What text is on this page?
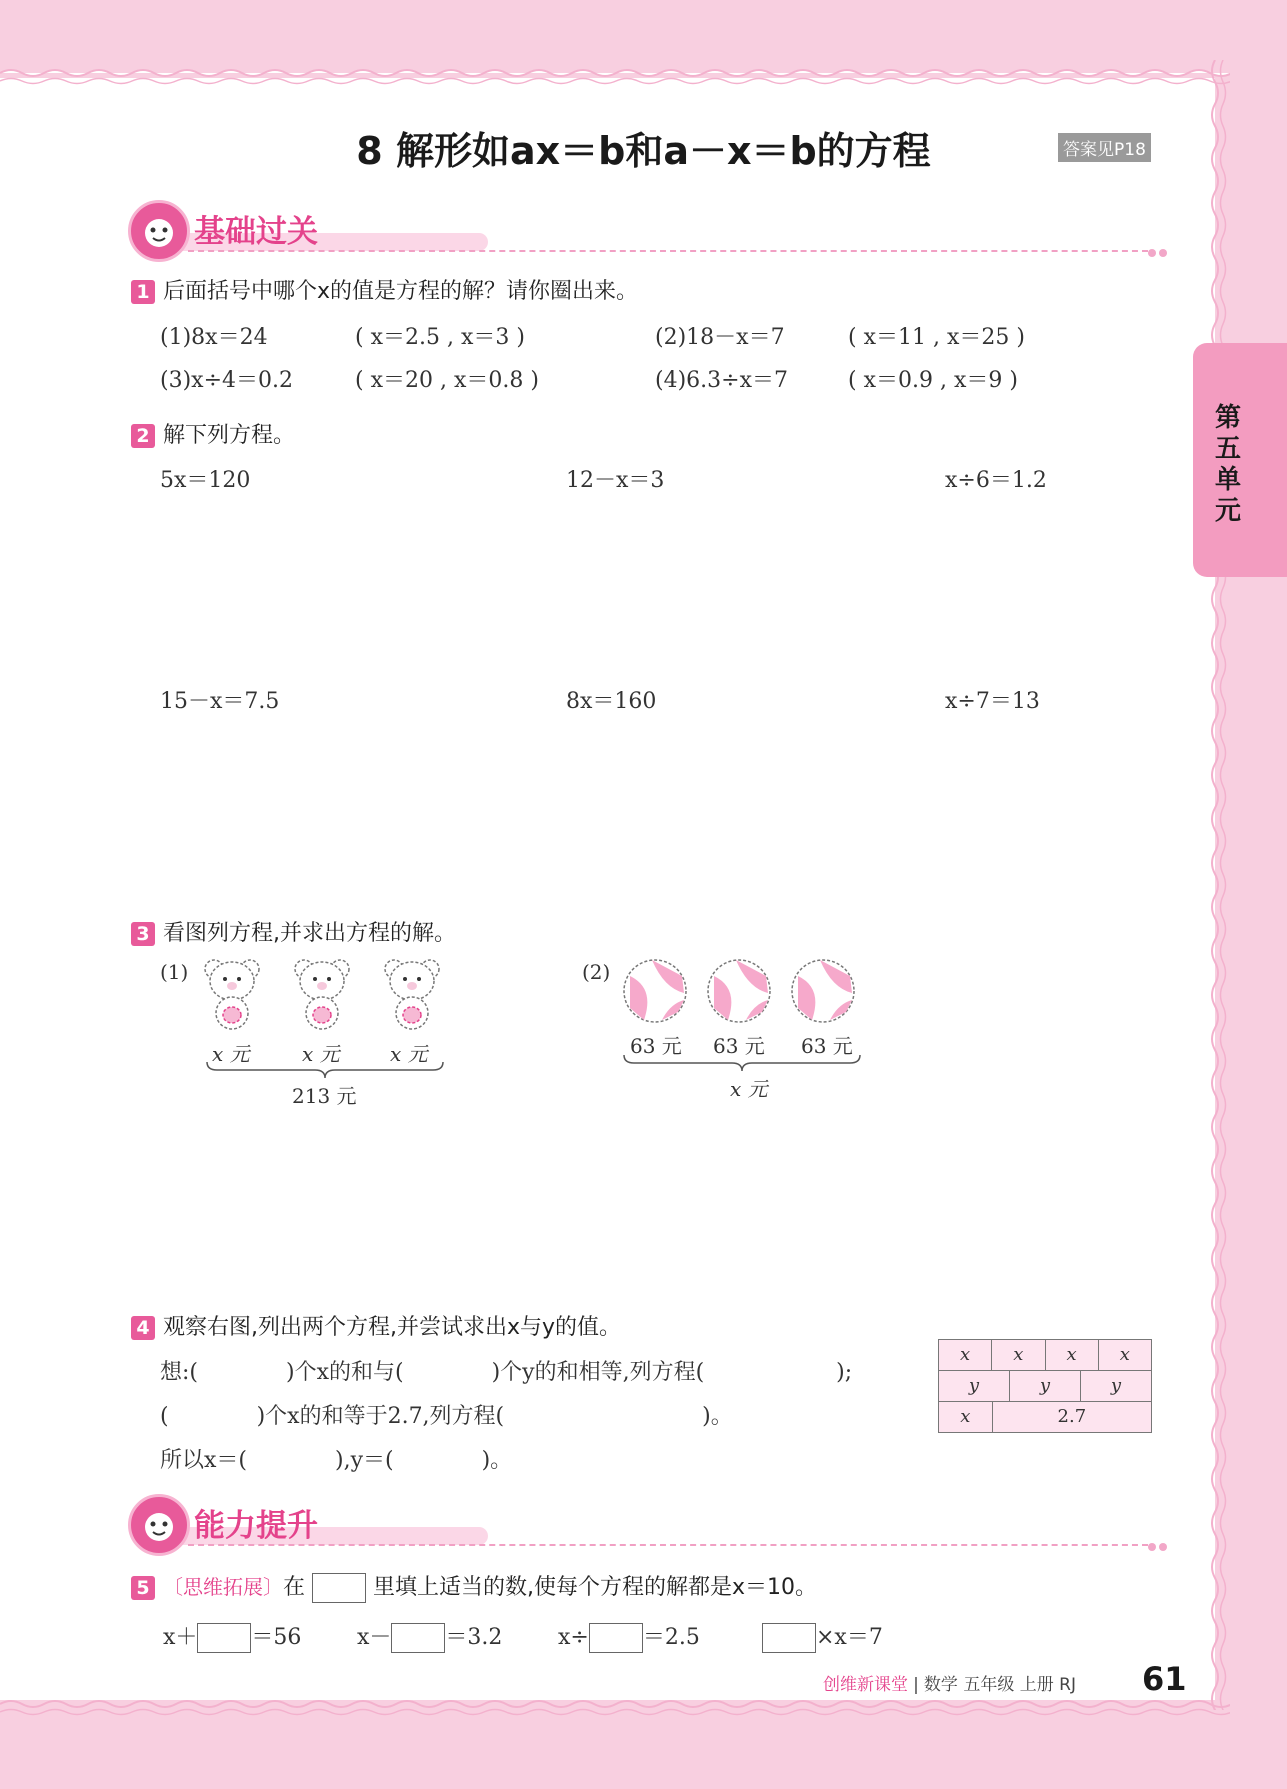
第五单元
8 解形如ax＝b和a－x＝b的方程	答案见P18
基础过关
1 后面括号中哪个x的值是方程的解？请你圈出来。
(1)8x＝24	( x＝2.5 , x＝3 )	(2)18－x＝7	( x＝11 , x＝25 )
(3)x÷4＝0.2	( x＝20 , x＝0.8 )	(4)6.3÷x＝7	( x＝0.9 , x＝9 )
2 解下列方程。
5x＝120	12－x＝3	x÷6＝1.2
15－x＝7.5	8x＝160	x÷7＝13
3 看图列方程,并求出方程的解。
(1)
x 元	x 元	x 元
213 元
(2)
63 元 63 元 63 元
x 元
4 观察右图,列出两个方程,并尝试求出x与y的值。
想:(　　　　)个x的和与(　　　　)个y的和相等,列方程(　　　　　　);
(　　　　)个x的和等于2.7,列方程(　　　　　　　　　)。
所以x＝(　　　　),y＝(　　　　)。
x	x	x	x
y	y	y
x	2.7
能力提升
5 〔思维拓展〕在	里填上适当的数,使每个方程的解都是x＝10。
x＋ ＝56	x－ ＝3.2	x÷ ＝2.5	×x＝7
创维新课堂 | 数学 五年级 上册 RJ 61
